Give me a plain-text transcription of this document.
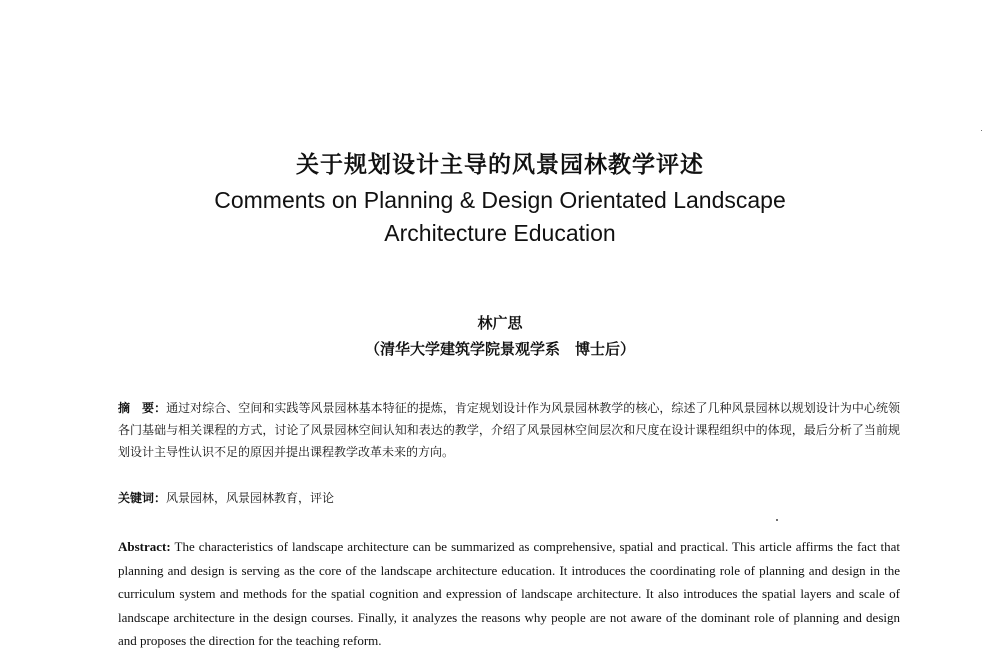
关于规划设计主导的风景园林教学评述
Comments on Planning & Design Orientated Landscape
Architecture Education
林广思
（清华大学建筑学院景观学系　博士后）
摘　要：通过对综合、空间和实践等风景园林基本特征的提炼，肯定规划设计作为风景园林教学的核心，综述了几种风景园林以规划设计为中心统领各门基础与相关课程的方式，讨论了风景园林空间认知和表达的教学，介绍了风景园林空间层次和尺度在设计课程组织中的体现，最后分析了当前规划设计主导性认识不足的原因并提出课程教学改革未来的方向。
关键词：风景园林，风景园林教育，评论
Abstract: The characteristics of landscape architecture can be summarized as comprehensive, spatial and practical. This article affirms the fact that planning and design is serving as the core of the landscape architecture education. It introduces the coordinating role of planning and design in the curriculum system and methods for the spatial cognition and expression of landscape architecture. It also introduces the spatial layers and scale of landscape architecture in the design courses. Finally, it analyzes the reasons why people are not aware of the dominant role of planning and design and proposes the direction for the teaching reform.
